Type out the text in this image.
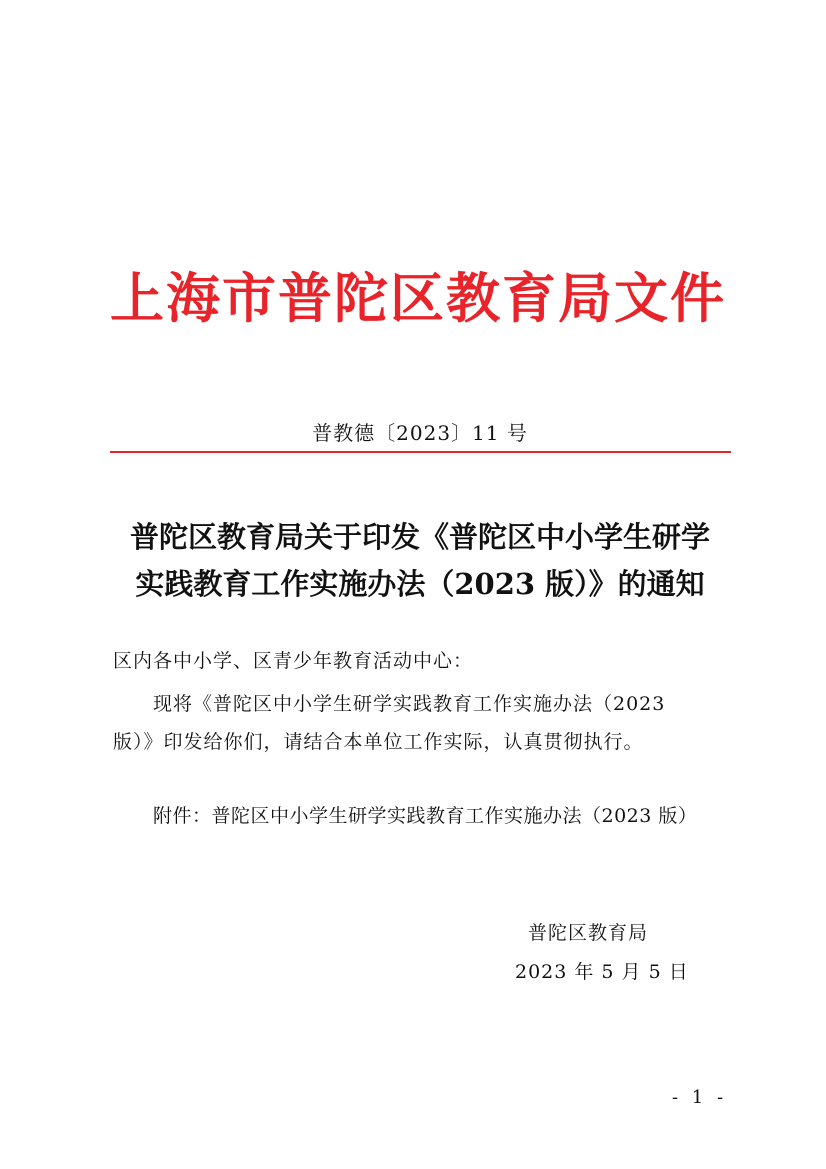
上海市普陀区教育局文件
普教德〔2023〕11 号
普陀区教育局关于印发《普陀区中小学生研学
实践教育工作实施办法（2023 版）》的通知
区内各中小学、区青少年教育活动中心：
现将《普陀区中小学生研学实践教育工作实施办法（2023
版）》印发给你们，请结合本单位工作实际，认真贯彻执行。
附件：普陀区中小学生研学实践教育工作实施办法（2023 版）
普陀区教育局
2023 年 5 月 5 日
- 1 -
